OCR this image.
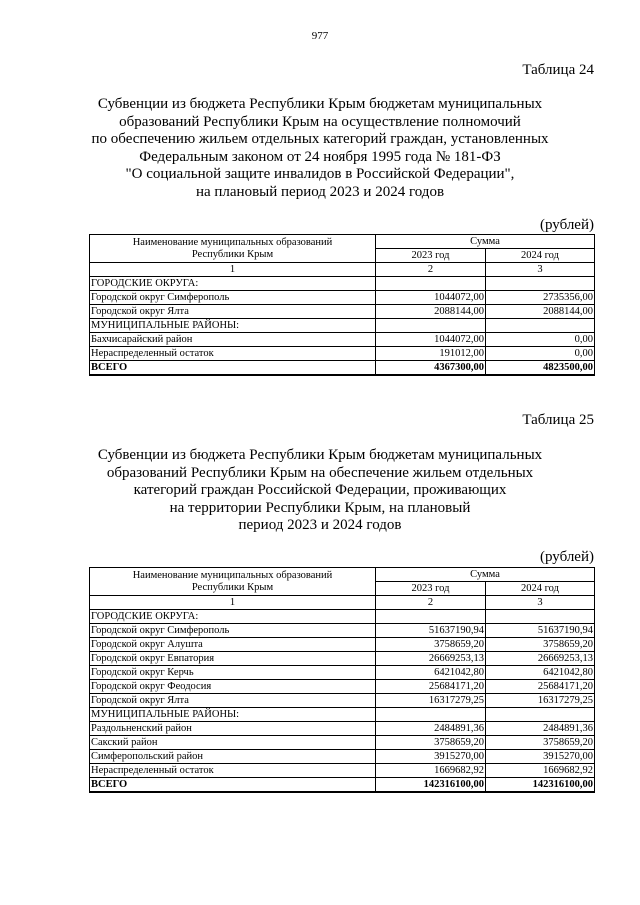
977
Таблица 24
Субвенции из бюджета Республики Крым бюджетам муниципальных
образований Республики Крым на осуществление полномочий
по обеспечению жильем отдельных категорий граждан, установленных
Федеральным законом от 24 ноября 1995 года № 181-ФЗ
"О социальной защите инвалидов в Российской Федерации",
на плановый период 2023 и 2024 годов
(рублей)
Наименование муниципальных образований
Республики Крым	Сумма	
	2023 год	2024 год
1	2	3
ГОРОДСКИЕ ОКРУГА:		
Городской округ Симферополь	1044072,00	2735356,00
Городской округ Ялта	2088144,00	2088144,00
МУНИЦИПАЛЬНЫЕ РАЙОНЫ:		
Бахчисарайский район	1044072,00	0,00
Нераспределенный остаток	191012,00	0,00
ВСЕГО	4367300,00	4823500,00
Таблица 25
Субвенции из бюджета Республики Крым бюджетам муниципальных
образований Республики Крым на обеспечение жильем отдельных
категорий граждан Российской Федерации, проживающих
на территории Республики Крым, на плановый
период 2023 и 2024 годов
(рублей)
Наименование муниципальных образований
Республики Крым	Сумма	
	2023 год	2024 год
1	2	3
ГОРОДСКИЕ ОКРУГА:		
Городской округ Симферополь	51637190,94	51637190,94
Городской округ Алушта	3758659,20	3758659,20
Городской округ Евпатория	26669253,13	26669253,13
Городской округ Керчь	6421042,80	6421042,80
Городской округ Феодосия	25684171,20	25684171,20
Городской округ Ялта	16317279,25	16317279,25
МУНИЦИПАЛЬНЫЕ РАЙОНЫ:		
Раздольненский район	2484891,36	2484891,36
Сакский район	3758659,20	3758659,20
Симферопольский район	3915270,00	3915270,00
Нераспределенный остаток	1669682,92	1669682,92
ВСЕГО	142316100,00	142316100,00
